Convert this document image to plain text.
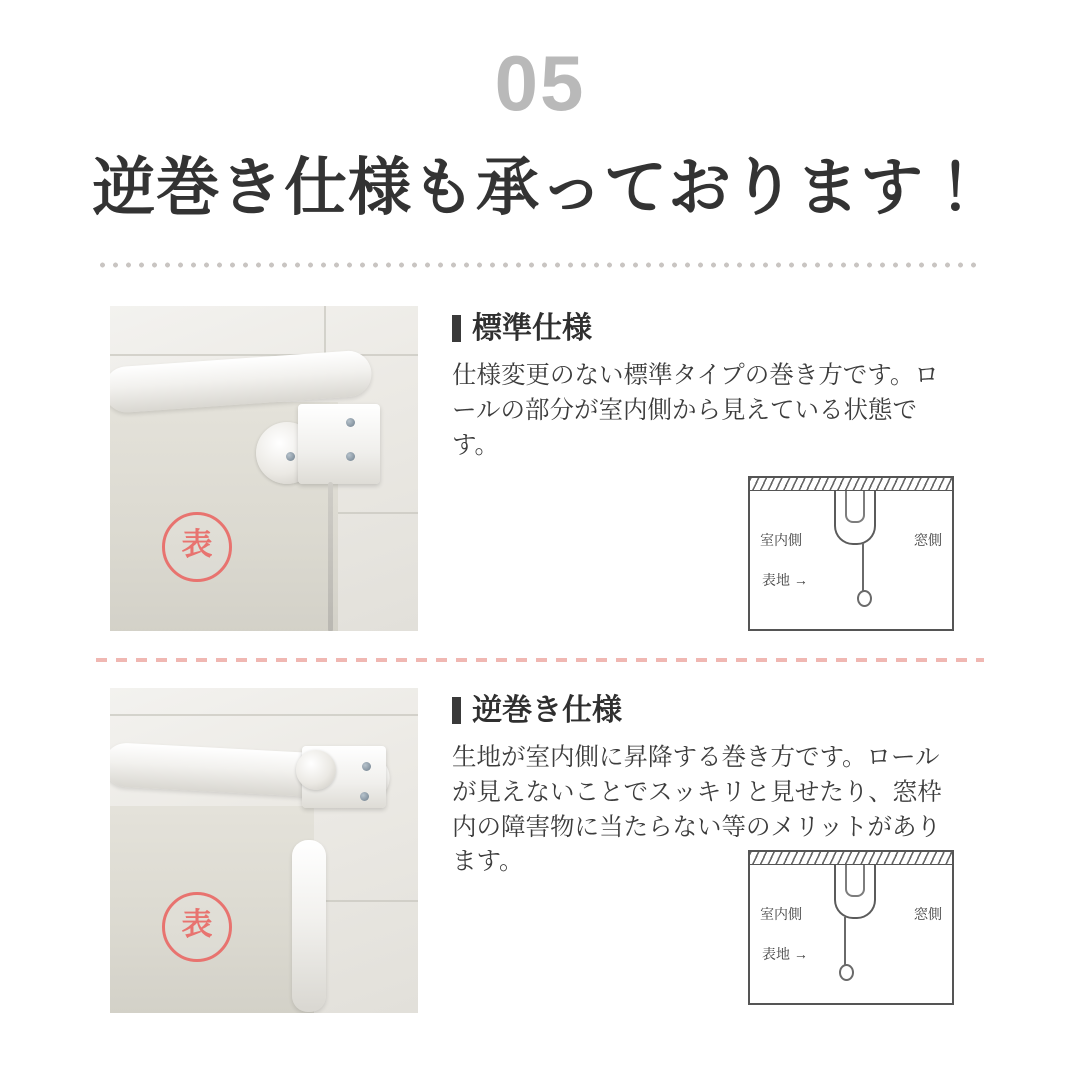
05
逆巻き仕様も承っております！
表
標準仕様

仕様変更のない標準タイプの巻き方です。ロールの部分が室内側から見えている状態です。

室内側	窓側
表地 →
表
逆巻き仕様

生地が室内側に昇降する巻き方です。ロールが見えないことでスッキリと見せたり、窓枠内の障害物に当たらない等のメリットがあります。

室内側	窓側
表地 →
